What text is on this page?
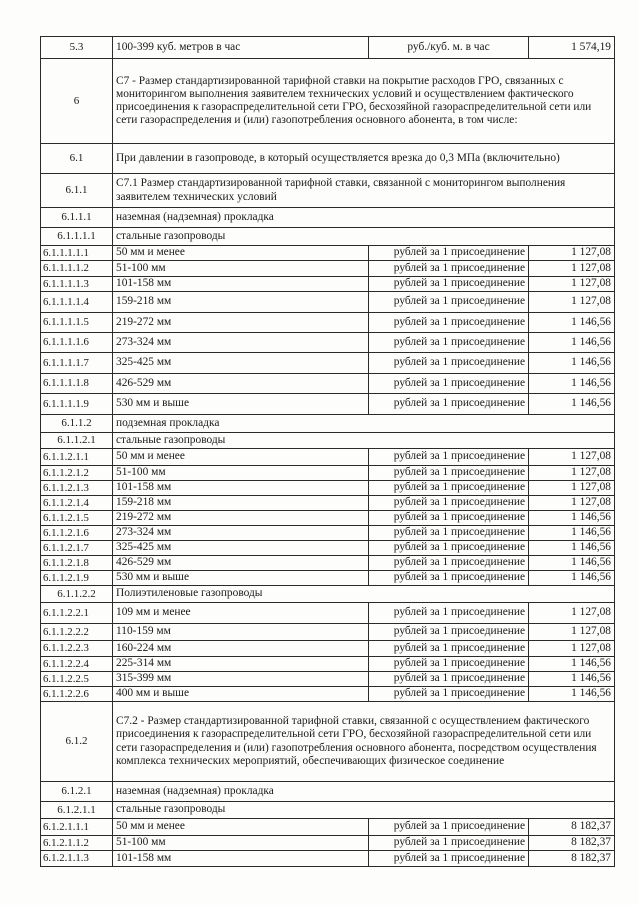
5.3	100-399 куб. метров в час	руб./куб. м. в час	1 574,19
6	С7 - Размер стандартизированной тарифной ставки на покрытие расходов ГРО, связанных с мониторингом выполнения заявителем технических условий и осуществлением фактического присоединения к газораспределительной сети ГРО, бесхозяйной газораспределительной сети или сети газораспределения и (или) газопотребления основного абонента, в том числе:		
6.1	При давлении в газопроводе, в который осуществляется врезка до 0,3 МПа (включительно)		
6.1.1	С7.1 Размер стандартизированной тарифной ставки, связанной с мониторингом выполнения заявителем технических условий		
6.1.1.1	наземная (надземная) прокладка		
6.1.1.1.1	стальные газопроводы		
6.1.1.1.1.1	50 мм и менее	рублей за 1 присоединение	1 127,08
6.1.1.1.1.2	51-100 мм	рублей за 1 присоединение	1 127,08
6.1.1.1.1.3	101-158 мм	рублей за 1 присоединение	1 127,08
6.1.1.1.1.4	159-218 мм	рублей за 1 присоединение	1 127,08
6.1.1.1.1.5	219-272 мм	рублей за 1 присоединение	1 146,56
6.1.1.1.1.6	273-324 мм	рублей за 1 присоединение	1 146,56
6.1.1.1.1.7	325-425 мм	рублей за 1 присоединение	1 146,56
6.1.1.1.1.8	426-529 мм	рублей за 1 присоединение	1 146,56
6.1.1.1.1.9	530 мм и выше	рублей за 1 присоединение	1 146,56
6.1.1.2	подземная прокладка		
6.1.1.2.1	стальные газопроводы		
6.1.1.2.1.1	50 мм и менее	рублей за 1 присоединение	1 127,08
6.1.1.2.1.2	51-100 мм	рублей за 1 присоединение	1 127,08
6.1.1.2.1.3	101-158 мм	рублей за 1 присоединение	1 127,08
6.1.1.2.1.4	159-218 мм	рублей за 1 присоединение	1 127,08
6.1.1.2.1.5	219-272 мм	рублей за 1 присоединение	1 146,56
6.1.1.2.1.6	273-324 мм	рублей за 1 присоединение	1 146,56
6.1.1.2.1.7	325-425 мм	рублей за 1 присоединение	1 146,56
6.1.1.2.1.8	426-529 мм	рублей за 1 присоединение	1 146,56
6.1.1.2.1.9	530 мм и выше	рублей за 1 присоединение	1 146,56
6.1.1.2.2	Полиэтиленовые газопроводы		
6.1.1.2.2.1	109 мм и менее	рублей за 1 присоединение	1 127,08
6.1.1.2.2.2	110-159 мм	рублей за 1 присоединение	1 127,08
6.1.1.2.2.3	160-224 мм	рублей за 1 присоединение	1 127,08
6.1.1.2.2.4	225-314 мм	рублей за 1 присоединение	1 146,56
6.1.1.2.2.5	315-399 мм	рублей за 1 присоединение	1 146,56
6.1.1.2.2.6	400 мм и выше	рублей за 1 присоединение	1 146,56
6.1.2	С7.2 - Размер стандартизированной тарифной ставки, связанной с осуществлением фактического присоединения к газораспределительной сети ГРО, бесхозяйной газораспределительной сети или сети газораспределения и (или) газопотребления основного абонента, посредством осуществления комплекса технических мероприятий, обеспечивающих физическое соединение		
6.1.2.1	наземная (надземная) прокладка		
6.1.2.1.1	стальные газопроводы		
6.1.2.1.1.1	50 мм и менее	рублей за 1 присоединение	8 182,37
6.1.2.1.1.2	51-100 мм	рублей за 1 присоединение	8 182,37
6.1.2.1.1.3	101-158 мм	рублей за 1 присоединение	8 182,37
